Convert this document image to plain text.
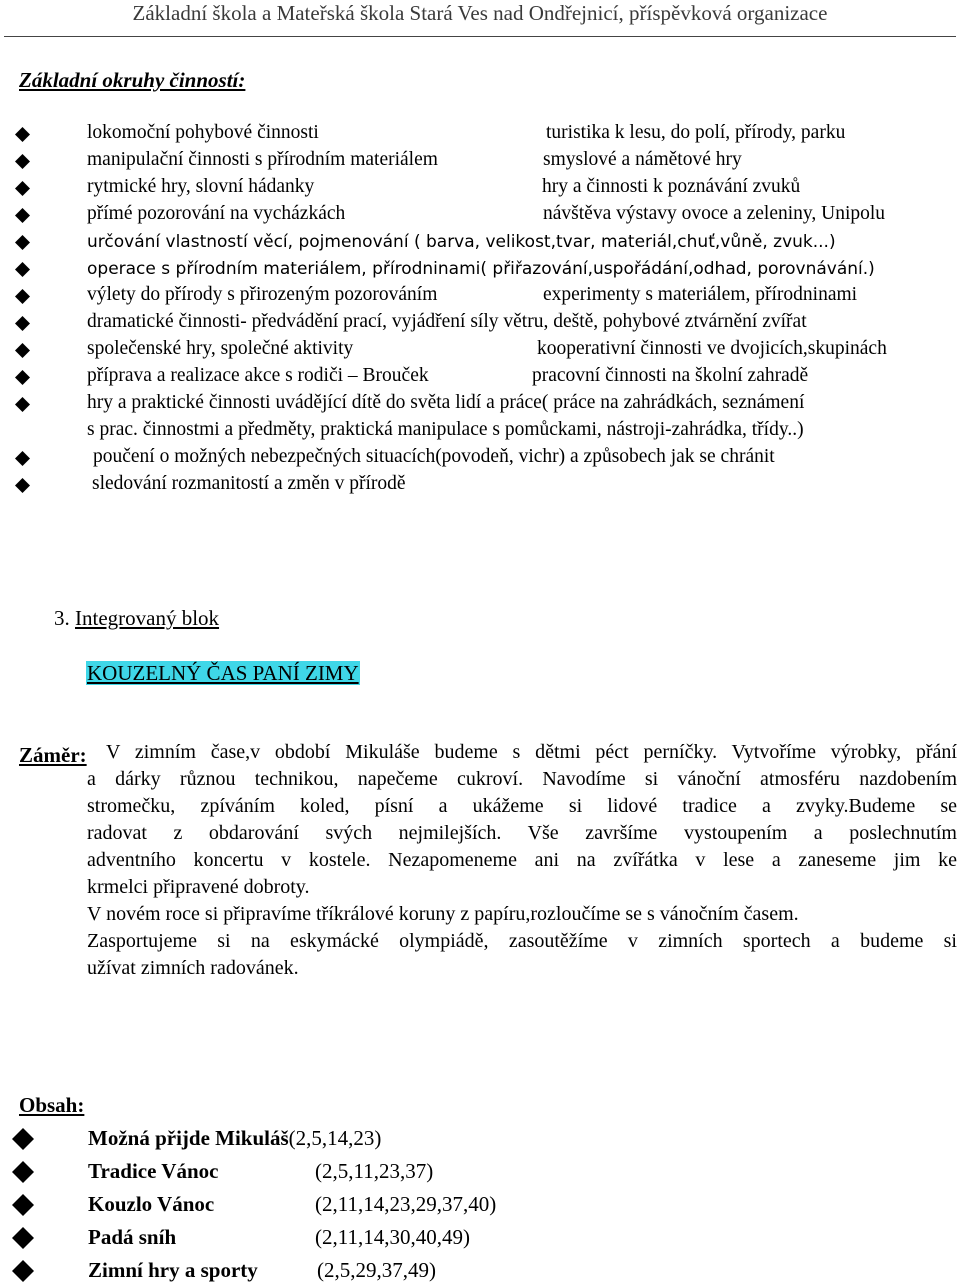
Základní škola a Mateřská škola Stará Ves nad Ondřejnicí, příspěvková organizace
Základní okruhy činností:
lokomoční pohybové činnosti	turistika k lesu, do polí, přírody, parku
manipulační činnosti s přírodním materiálem	smyslové a námětové hry
rytmické hry, slovní hádanky	hry a činnosti k poznávání zvuků
přímé pozorování na vycházkách	návštěva výstavy ovoce a zeleniny, Unipolu
určování vlastností věcí, pojmenování ( barva, velikost,tvar, materiál,chuť,vůně, zvuk...)
operace s přírodním materiálem, přírodninami( přiřazování,uspořádání,odhad, porovnávání.)
výlety do přírody s přirozeným pozorováním	experimenty s materiálem, přírodninami
dramatické činnosti- předvádění prací, vyjádření síly větru, deště, pohybové ztvárnění zvířat
společenské hry, společné aktivity	kooperativní činnosti ve dvojicích,skupinách
příprava a realizace akce s rodiči – Brouček	pracovní činnosti na školní zahradě
hry a praktické činnosti uvádějící dítě do světa lidí a práce( práce na zahrádkách, seznámení
s prac. činnostmi a předměty, praktická manipulace s pomůckami, nástroji-zahrádka, třídy..)
poučení o možných nebezpečných situacích(povodeň, vichr) a způsobech jak se chránit
sledování rozmanitostí a změn v přírodě
3. Integrovaný blok
KOUZELNÝ ČAS PANÍ ZIMY
Záměr: V zimním čase,v období Mikuláše budeme s dětmi péct perníčky. Vytvoříme výrobky, přání
a dárky různou technikou, napečeme cukroví. Navodíme si vánoční atmosféru nazdobením
stromečku, zpíváním koled, písní a ukážeme si lidové tradice a zvyky.Budeme se
radovat z obdarování svých nejmilejších. Vše završíme vystoupením a poslechnutím
adventního koncertu v kostele. Nezapomeneme ani na zvířátka v lese a zaneseme jim ke
krmelci připravené dobroty.
V novém roce si připravíme tříkrálové koruny z papíru,rozloučíme se s vánočním časem.
Zasportujeme si na eskymácké olympiádě, zasoutěžíme v zimních sportech a budeme si
užívat zimních radovánek.
Obsah:
Možná přijde Mikuláš (2,5,14,23)
Tradice Vánoc	(2,5,11,23,37)
Kouzlo Vánoc	(2,11,14,23,29,37,40)
Padá sníh	(2,11,14,30,40,49)
Zimní hry a sporty	(2,5,29,37,49)
